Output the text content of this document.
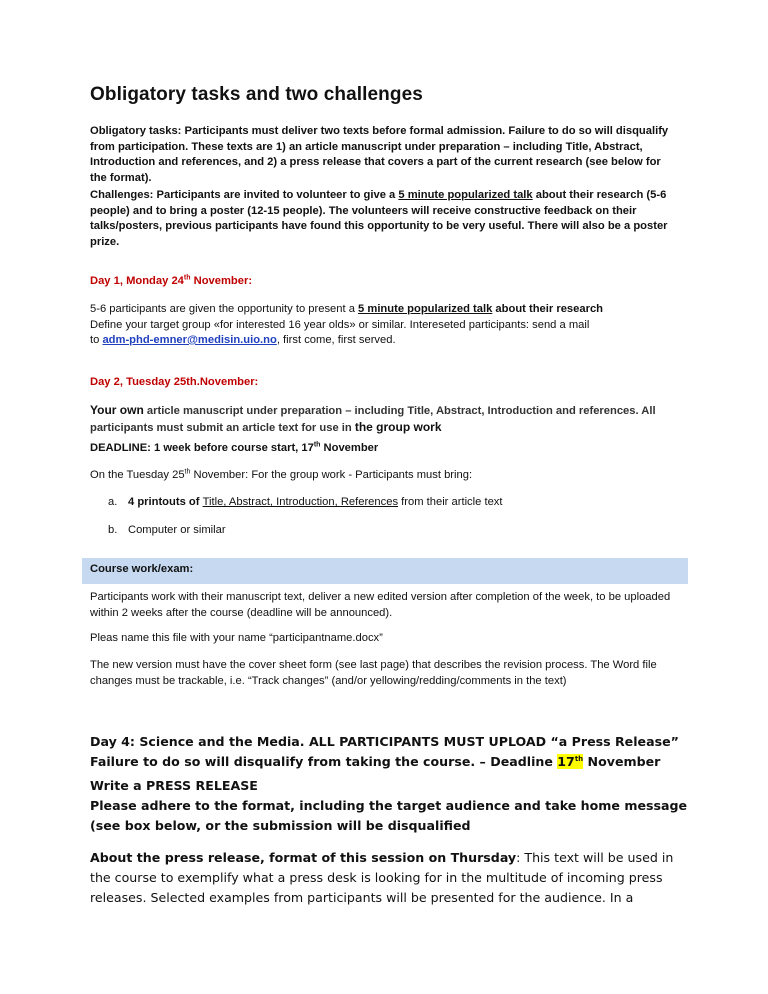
Obligatory tasks and two challenges
Obligatory tasks: Participants must deliver two texts before formal admission. Failure to do so will disqualify from participation. These texts are 1) an article manuscript under preparation – including Title, Abstract, Introduction and references, and 2) a press release that covers a part of the current research (see below for the format).
Challenges: Participants are invited to volunteer to give a 5 minute popularized talk about their research (5-6 people) and to bring a poster (12-15 people). The volunteers will receive constructive feedback on their talks/posters, previous participants have found this opportunity to be very useful. There will also be a poster prize.
Day 1, Monday 24th November:
5-6 participants are given the opportunity to present a 5 minute popularized talk about their research
Define your target group «for interested 16 year olds» or similar. Intereseted participants: send a mail
to adm-phd-emner@medisin.uio.no, first come, first served.
Day 2, Tuesday 25th.November:
Your own article manuscript under preparation – including Title, Abstract, Introduction and references. All participants must submit an article text for use in the group work
DEADLINE: 1 week before course start, 17th November
On the Tuesday 25th November: For the group work - Participants must bring:
a. 4 printouts of Title, Abstract, Introduction, References from their article text
b. Computer or similar
Course work/exam:
Participants work with their manuscript text, deliver a new edited version after completion of the week, to be uploaded within 2 weeks after the course (deadline will be announced).
Pleas name this file with your name “participantname.docx”
The new version must have the cover sheet form (see last page) that describes the revision process. The Word file changes must be trackable, i.e. “Track changes” (and/or yellowing/redding/comments in the text)
Day 4: Science and the Media. ALL PARTICIPANTS MUST UPLOAD “a Press Release” Failure to do so will disqualify from taking the course. – Deadline 17th November
Write a PRESS RELEASE
Please adhere to the format, including the target audience and take home message (see box below, or the submission will be disqualified
About the press release, format of this session on Thursday: This text will be used in the course to exemplify what a press desk is looking for in the multitude of incoming press releases. Selected examples from participants will be presented for the audience. In a
